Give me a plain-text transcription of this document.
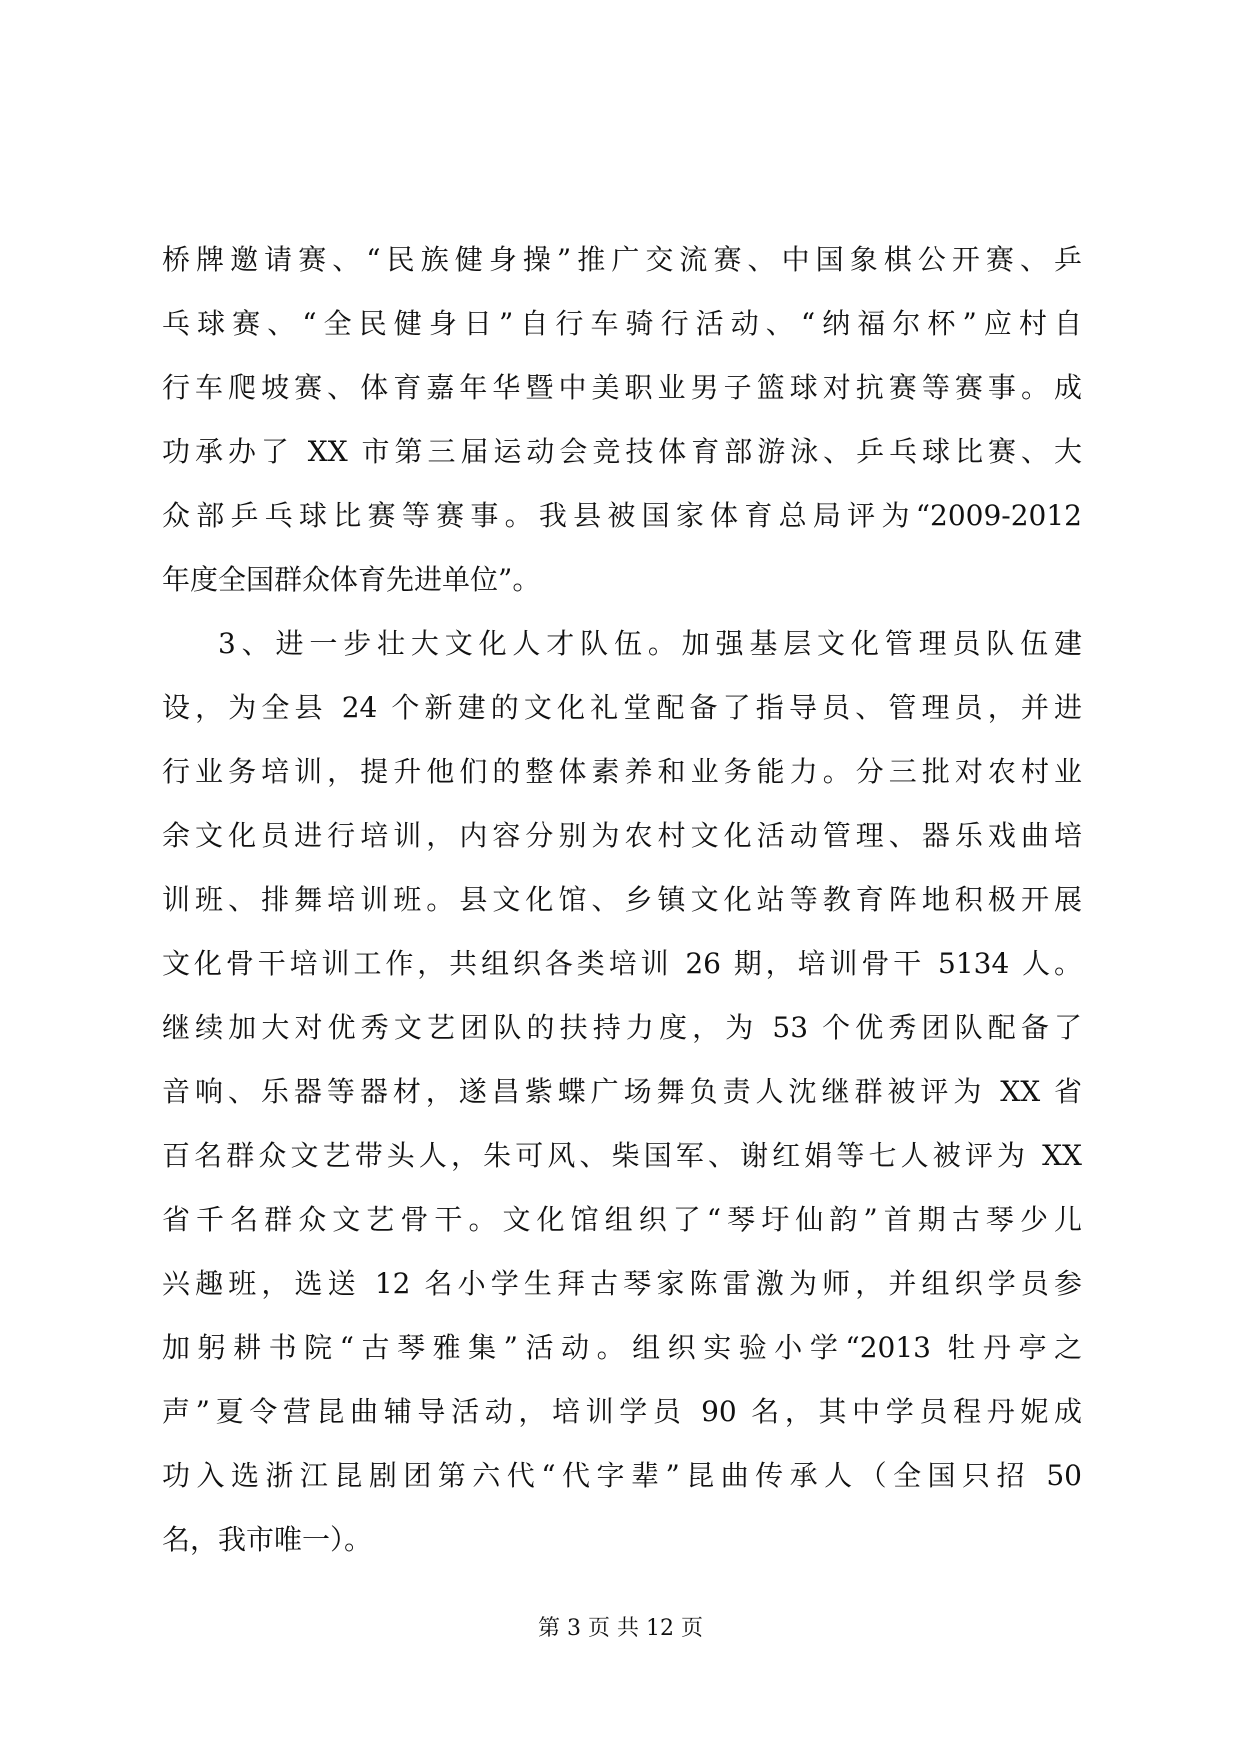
桥牌邀请赛、“民族健身操”推广交流赛、中国象棋公开赛、乒
乓球赛、“全民健身日”自行车骑行活动、“纳福尔杯”应村自
行车爬坡赛、体育嘉年华暨中美职业男子篮球对抗赛等赛事。成
功承办了 XX 市第三届运动会竞技体育部游泳、乒乓球比赛、大
众部乒乓球比赛等赛事。我县被国家体育总局评为“2009-2012
年度全国群众体育先进单位”。
3、进一步壮大文化人才队伍。加强基层文化管理员队伍建
设，为全县 24 个新建的文化礼堂配备了指导员、管理员，并进
行业务培训，提升他们的整体素养和业务能力。分三批对农村业
余文化员进行培训，内容分别为农村文化活动管理、器乐戏曲培
训班、排舞培训班。县文化馆、乡镇文化站等教育阵地积极开展
文化骨干培训工作，共组织各类培训 26 期，培训骨干 5134 人。
继续加大对优秀文艺团队的扶持力度，为 53 个优秀团队配备了
音响、乐器等器材，遂昌紫蝶广场舞负责人沈继群被评为 XX 省
百名群众文艺带头人，朱可风、柴国军、谢红娟等七人被评为 XX
省千名群众文艺骨干。文化馆组织了“琴圩仙韵”首期古琴少儿
兴趣班，选送 12 名小学生拜古琴家陈雷激为师，并组织学员参
加躬耕书院“古琴雅集”活动。组织实验小学“2013 牡丹亭之
声”夏令营昆曲辅导活动，培训学员 90 名，其中学员程丹妮成
功入选浙江昆剧团第六代“代字辈”昆曲传承人（全国只招 50
名，我市唯一）。
第 3 页 共 12 页
